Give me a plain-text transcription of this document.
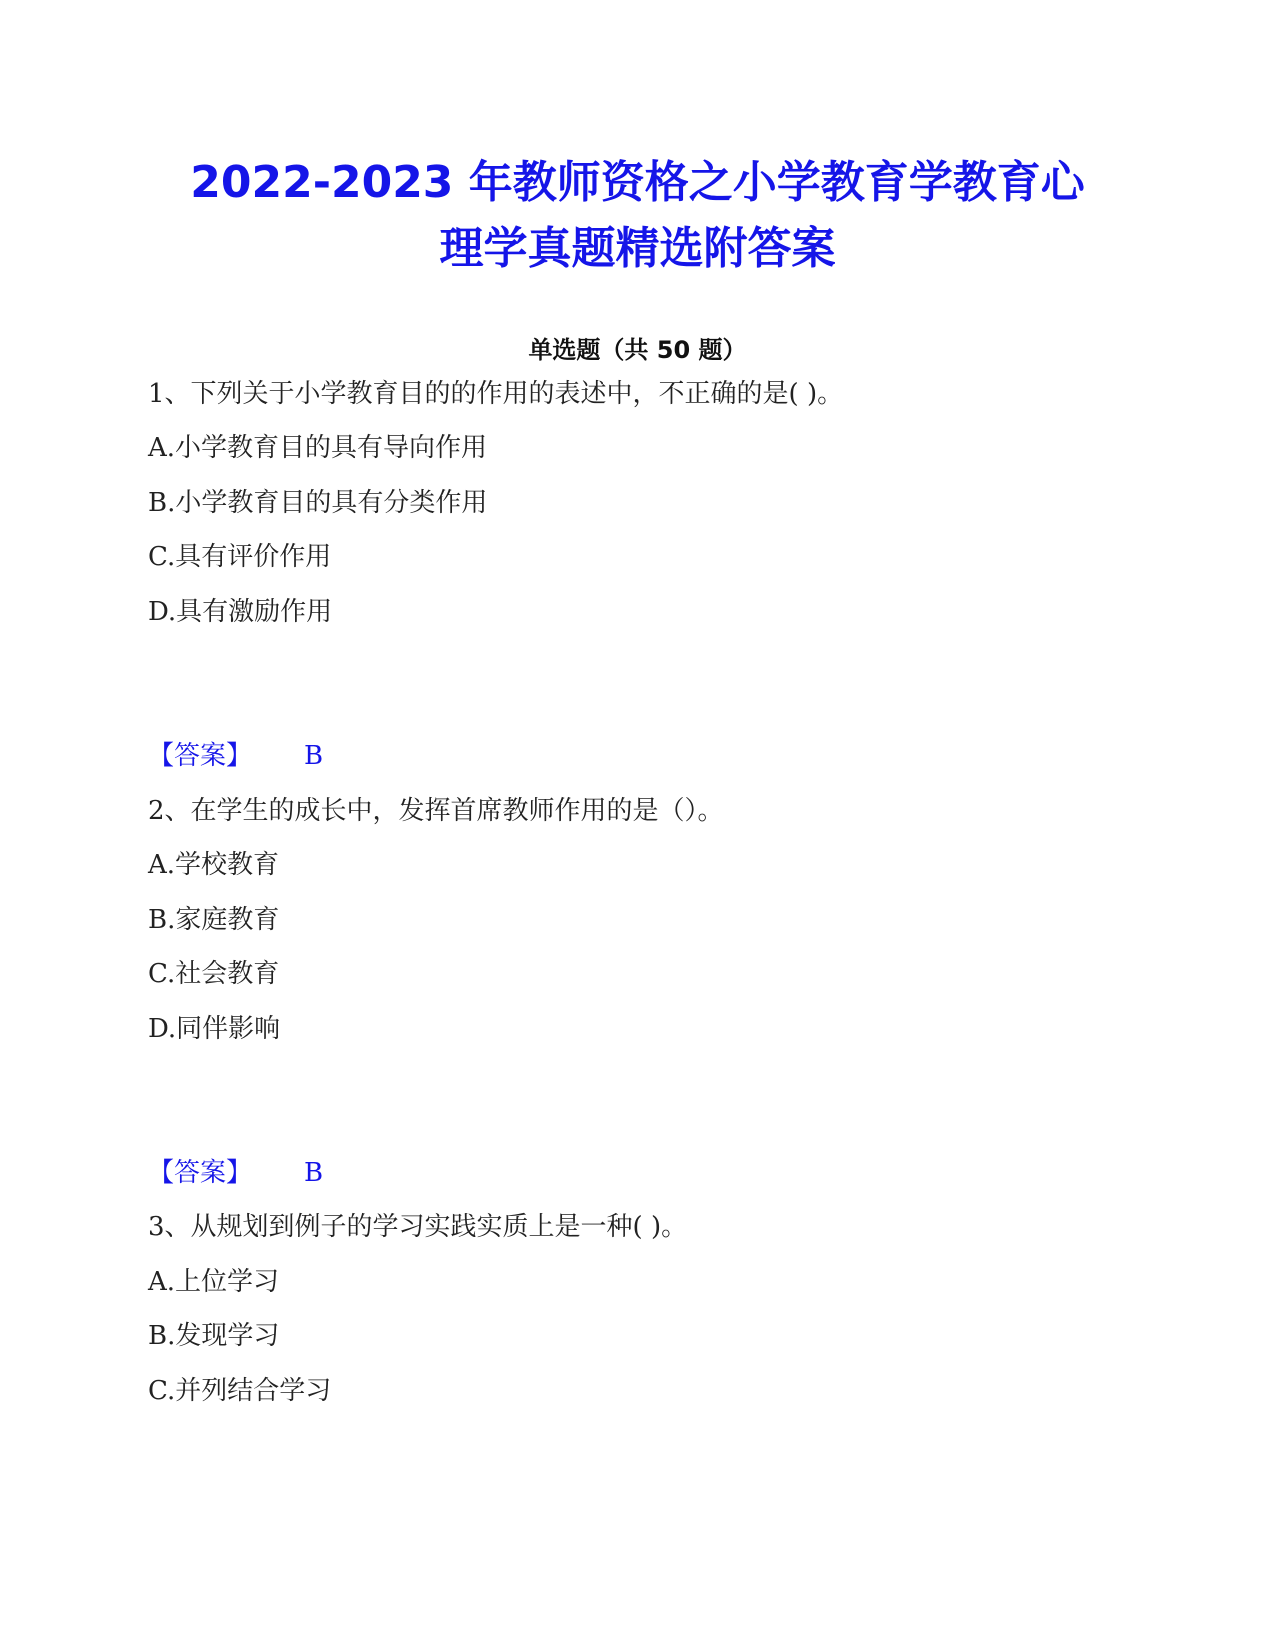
2022-2023 年教师资格之小学教育学教育心
理学真题精选附答案
单选题（共 50 题）
1、下列关于小学教育目的的作用的表述中，不正确的是( )。
A.小学教育目的具有导向作用
B.小学教育目的具有分类作用
C.具有评价作用
D.具有激励作用
【答案】 B
2、在学生的成长中，发挥首席教师作用的是（）。
A.学校教育
B.家庭教育
C.社会教育
D.同伴影响
【答案】 B
3、从规划到例子的学习实践实质上是一种( )。
A.上位学习
B.发现学习
C.并列结合学习
